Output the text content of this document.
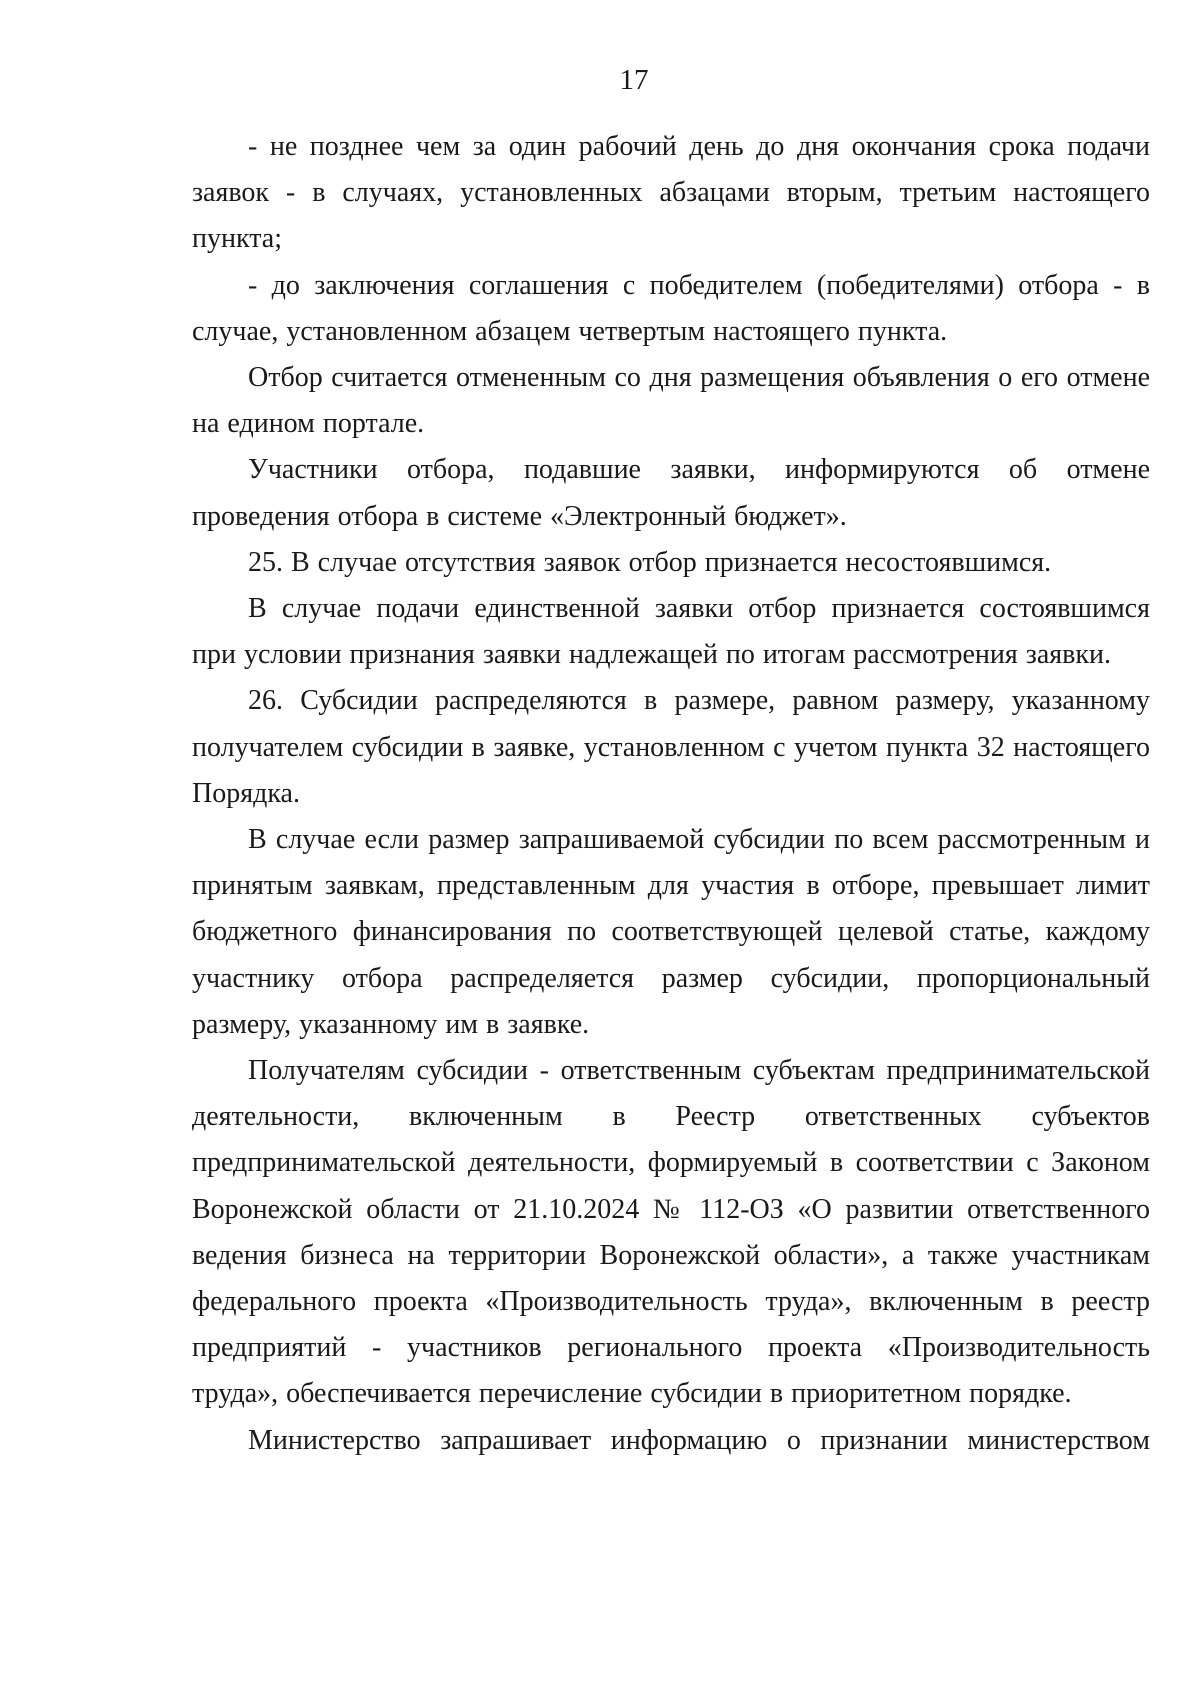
17

- не позднее чем за один рабочий день до дня окончания срока подачи заявок - в случаях, установленных абзацами вторым, третьим настоящего пункта;

- до заключения соглашения с победителем (победителями) отбора - в случае, установленном абзацем четвертым настоящего пункта.

Отбор считается отмененным со дня размещения объявления о его отмене на едином портале.

Участники отбора, подавшие заявки, информируются об отмене проведения отбора в системе «Электронный бюджет».

25. В случае отсутствия заявок отбор признается несостоявшимся.

В случае подачи единственной заявки отбор признается состоявшимся при условии признания заявки надлежащей по итогам рассмотрения заявки.

26. Субсидии распределяются в размере, равном размеру, указанному получателем субсидии в заявке, установленном с учетом пункта 32 настоящего Порядка.

В случае если размер запрашиваемой субсидии по всем рассмотренным и принятым заявкам, представленным для участия в отборе, превышает лимит бюджетного финансирования по соответствующей целевой статье, каждому участнику отбора распределяется размер субсидии, пропорциональный размеру, указанному им в заявке.

Получателям субсидии - ответственным субъектам предпринимательской деятельности, включенным в Реестр ответственных субъектов предпринимательской деятельности, формируемый в соответствии с Законом Воронежской области от 21.10.2024 № 112-ОЗ «О развитии ответственного ведения бизнеса на территории Воронежской области», а также участникам федерального проекта «Производительность труда», включенным в реестр предприятий - участников регионального проекта «Производительность труда», обеспечивается перечисление субсидии в приоритетном порядке.

Министерство запрашивает информацию о признании министерством
